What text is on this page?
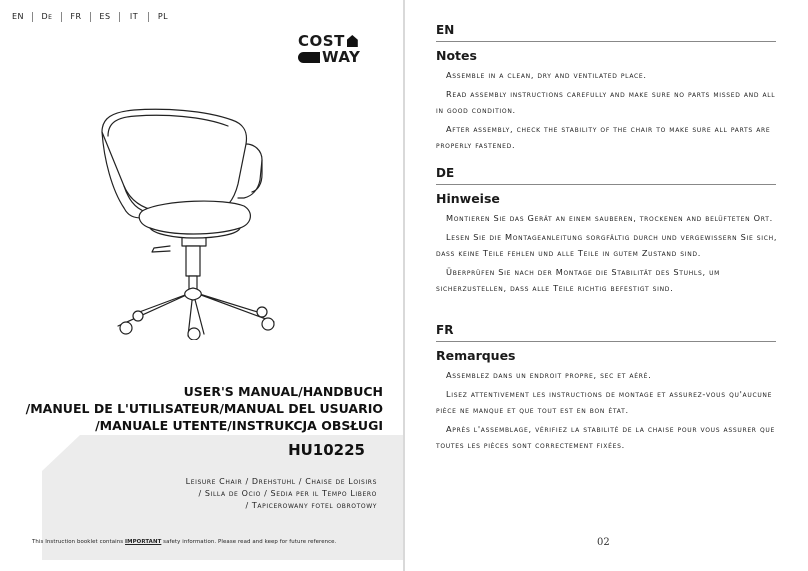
EN	De	FR	ES	IT	PL
COST
WAY
USER'S MANUAL/HANDBUCH
/MANUEL DE L'UTILISATEUR/MANUAL DEL USUARIO
/MANUALE UTENTE/INSTRUKCJA OBSŁUGI
HU10225
Leisure Chair / Drehstuhl / Chaise de Loisirs
/ Silla de Ocio / Sedia per il Tempo Libero
/ Tapicerowany fotel obrotowy
This Instruction booklet contains IMPORTANT safety information. Please read and keep for future reference.
EN
Notes
Assemble in a clean, dry and ventilated place.
Read assembly instructions carefully and make sure no parts missed and all in good condition.
After assembly, check the stability of the chair to make sure all parts are properly fastened.
DE
Hinweise
Montieren Sie das Gerät an einem sauberen, trockenen and belüfteten Ort.
Lesen Sie die Montageanleitung sorgfältig durch und vergewissern Sie sich, dass keine Teile fehlen und alle Teile in gutem Zustand sind.
Überprüfen Sie nach der Montage die Stabilität des Stuhls, um sicherzustellen, dass alle Teile richtig befestigt sind.
FR
Remarques
Assemblez dans un endroit propre, sec et aéré.
Lisez attentivement les instructions de montage et assurez-vous qu'aucune pièce ne manque et que tout est en bon état.
Après l'assemblage, vérifiez la stabilité de la chaise pour vous assurer que toutes les pièces sont correctement fixées.
02
